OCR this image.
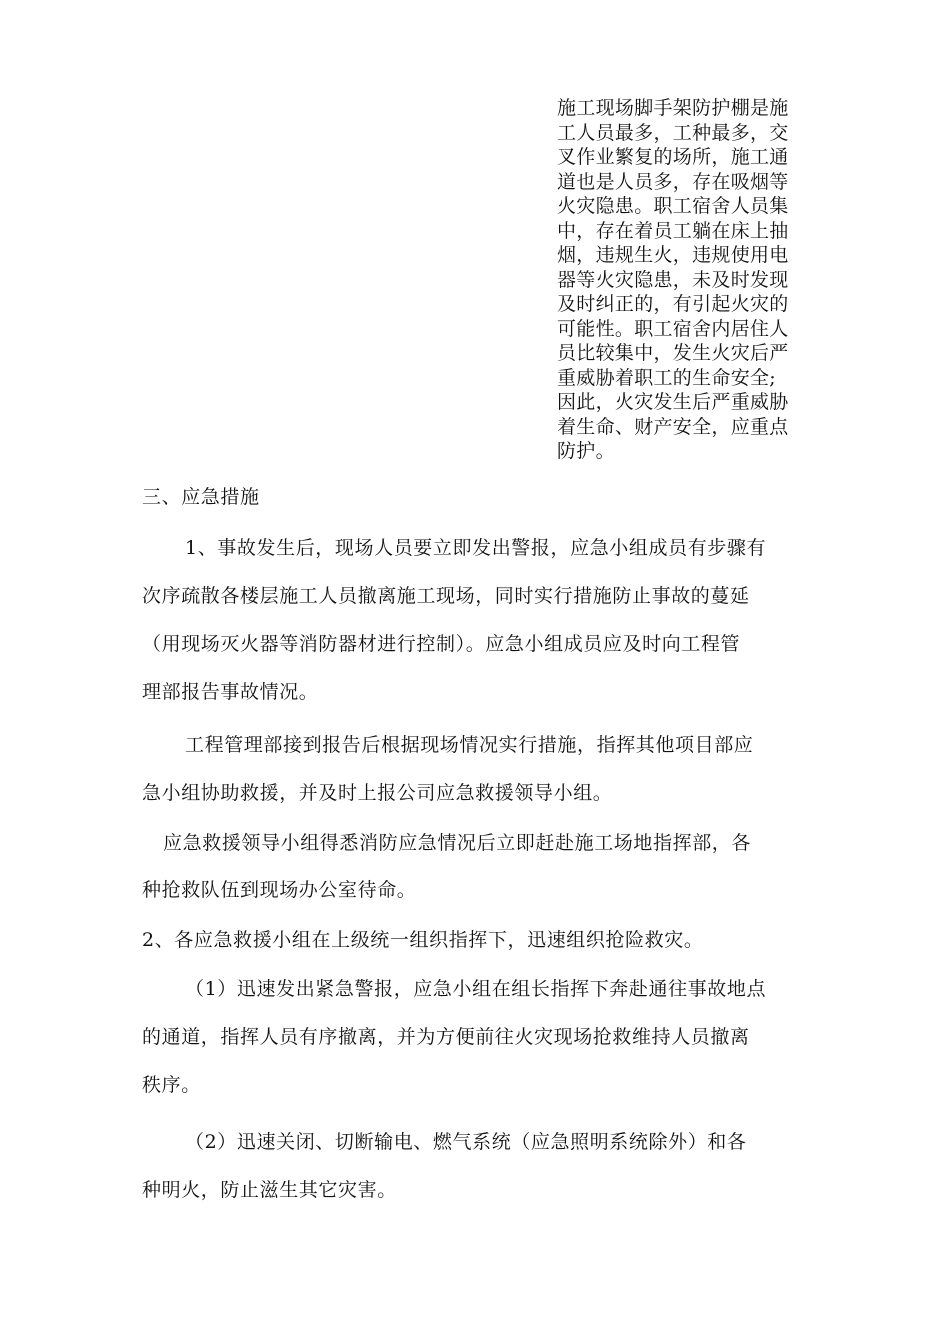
施工现场脚手架防护棚是施
工人员最多，工种最多，交
叉作业繁复的场所，施工通
道也是人员多，存在吸烟等
火灾隐患。职工宿舍人员集
中，存在着员工躺在床上抽
烟，违规生火，违规使用电
器等火灾隐患，未及时发现
及时纠正的，有引起火灾的
可能性。职工宿舍内居住人
员比较集中，发生火灾后严
重威胁着职工的生命安全;
因此，火灾发生后严重威胁
着生命、财产安全，应重点
防护。
三、应急措施
1、事故发生后，现场人员要立即发出警报，应急小组成员有步骤有
次序疏散各楼层施工人员撤离施工现场，同时实行措施防止事故的蔓延
（用现场灭火器等消防器材进行控制）。应急小组成员应及时向工程管
理部报告事故情况。
工程管理部接到报告后根据现场情况实行措施，指挥其他项目部应
急小组协助救援，并及时上报公司应急救援领导小组。
应急救援领导小组得悉消防应急情况后立即赶赴施工场地指挥部，各
种抢救队伍到现场办公室待命。
2、各应急救援小组在上级统一组织指挥下，迅速组织抢险救灾。
（1）迅速发出紧急警报，应急小组在组长指挥下奔赴通往事故地点
的通道，指挥人员有序撤离，并为方便前往火灾现场抢救维持人员撤离
秩序。
（2）迅速关闭、切断输电、燃气系统（应急照明系统除外）和各
种明火，防止滋生其它灾害。
